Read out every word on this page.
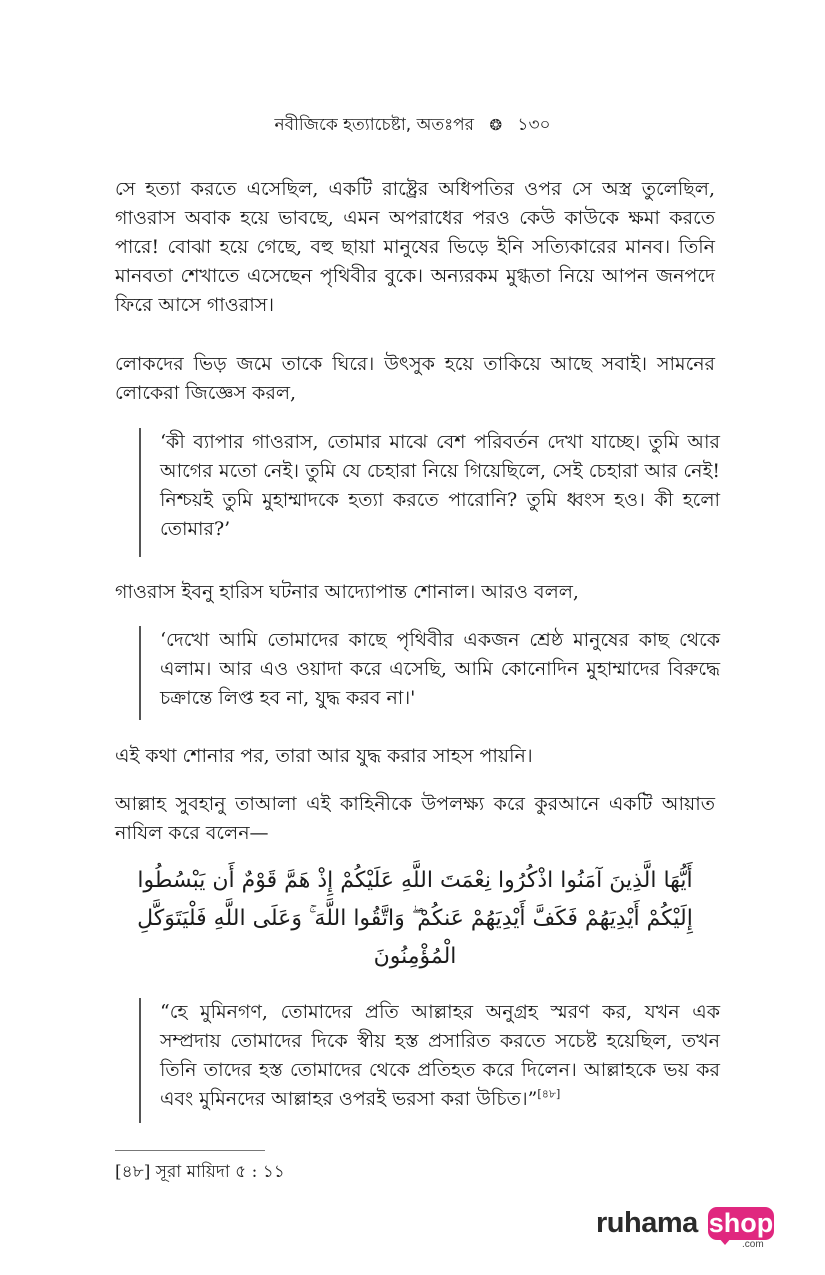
নবীজিকে হত্যাচেষ্টা, অতঃপর ❂ ১৩০

সে হত্যা করতে এসেছিল, একটি রাষ্ট্রের অধিপতির ওপর সে অস্ত্র তুলেছিল, গাওরাস অবাক হয়ে ভাবছে, এমন অপরাধের পরও কেউ কাউকে ক্ষমা করতে পারে! বোঝা হয়ে গেছে, বহু ছায়া মানুষের ভিড়ে ইনি সত্যিকারের মানব। তিনি মানবতা শেখাতে এসেছেন পৃথিবীর বুকে। অন্যরকম মুগ্ধতা নিয়ে আপন জনপদে ফিরে আসে গাওরাস।

লোকদের ভিড় জমে তাকে ঘিরে। উৎসুক হয়ে তাকিয়ে আছে সবাই। সামনের লোকেরা জিজ্ঞেস করল,

‘কী ব্যাপার গাওরাস, তোমার মাঝে বেশ পরিবর্তন দেখা যাচ্ছে। তুমি আর আগের মতো নেই। তুমি যে চেহারা নিয়ে গিয়েছিলে, সেই চেহারা আর নেই! নিশ্চয়ই তুমি মুহাম্মাদকে হত্যা করতে পারোনি? তুমি ধ্বংস হও। কী হলো তোমার?’

গাওরাস ইবনু হারিস ঘটনার আদ্যোপান্ত শোনাল। আরও বলল,

‘দেখো আমি তোমাদের কাছে পৃথিবীর একজন শ্রেষ্ঠ মানুষের কাছ থেকে এলাম। আর এও ওয়াদা করে এসেছি, আমি কোনোদিন মুহাম্মাদের বিরুদ্ধে চক্রান্তে লিপ্ত হব না, যুদ্ধ করব না।'

এই কথা শোনার পর, তারা আর যুদ্ধ করার সাহস পায়নি।

আল্লাহ সুবহানু তাআলা এই কাহিনীকে উপলক্ষ্য করে কুরআনে একটি আয়াত নাযিল করে বলেন—

أَيُّهَا الَّذِينَ آمَنُوا اذْكُرُوا نِعْمَتَ اللَّهِ عَلَيْكُمْ إِذْ هَمَّ قَوْمٌ أَن يَبْسُطُوا إِلَيْكُمْ أَيْدِيَهُمْ فَكَفَّ أَيْدِيَهُمْ عَنكُمْ ۖ وَاتَّقُوا اللَّهَ ۚ وَعَلَى اللَّهِ فَلْيَتَوَكَّلِ الْمُؤْمِنُونَ

“হে মুমিনগণ, তোমাদের প্রতি আল্লাহর অনুগ্রহ স্মরণ কর, যখন এক সম্প্রদায় তোমাদের দিকে স্বীয় হস্ত প্রসারিত করতে সচেষ্ট হয়েছিল, তখন তিনি তাদের হস্ত তোমাদের থেকে প্রতিহত করে দিলেন। আল্লাহকে ভয় কর এবং মুমিনদের আল্লাহর ওপরই ভরসা করা উচিত।”[৪৮]

[৪৮] সূরা মায়িদা ৫ : ১১
ruhama shop
.com
